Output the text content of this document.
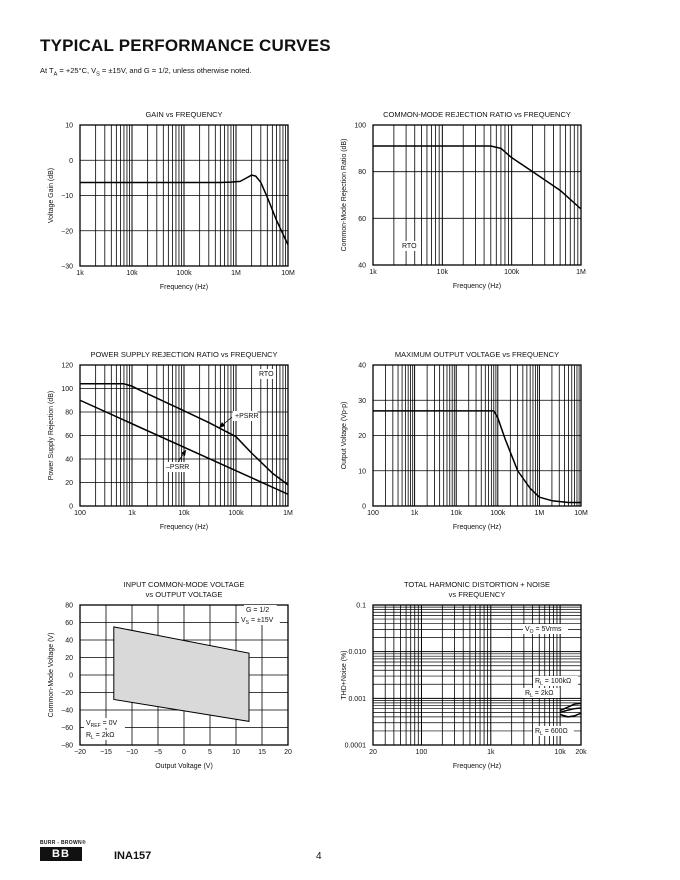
TYPICAL PERFORMANCE CURVES
At $T_A = +25^\circ C$, $V_S = \pm 15V$, and G = 1/2, unless otherwise noted.
GAIN vs FREQUENCY
1k	10k	100k	1M	10M
−30
−20
−10
0
10
Frequency (Hz)
Voltage Gain (dB)
COMMON-MODE REJECTION RATIO vs FREQUENCY
1k	10k	100k	1M
40
60
80
100
Frequency (Hz)
Common-Mode Rejection Ratio (dB)	RTO
POWER SUPPLY REJECTION RATIO vs FREQUENCY
100	1k	10k	100k	1M
0
20
40
60
80
100
120
Frequency (Hz)
Power Supply Rejection (dB)
RTO
+PSRR
–PSRR
MAXIMUM OUTPUT VOLTAGE vs FREQUENCY
100	1k	10k	100k	1M	10M
0
10
20
30
40
Frequency (Hz)
Output Voltage (Vp-p)
INPUT COMMON-MODE VOLTAGE
vs OUTPUT VOLTAGE
−20 −15 −10 −5	0	5	10	15	20
−80
−60
−40
−20
0
20
40
60
80
Output Voltage (V)
Common-Mode Voltage (V)
G = 1/2
$V_S = \pm 15V$
$V_{REF} = 0V$
$R_L = 2k\Omega$
TOTAL HARMONIC DISTORTION + NOISE
vs FREQUENCY
20	100	1k	10k 20k
0.0001
0.001
0.010
0.1
Frequency (Hz)
THD+Noise (%)
$V_O$ = 5Vrms
$R_L = 100k\Omega$
$R_L = 2k\Omega$
$R_L = 600\Omega$
BURR - BROWN®
BB	INA157	4
